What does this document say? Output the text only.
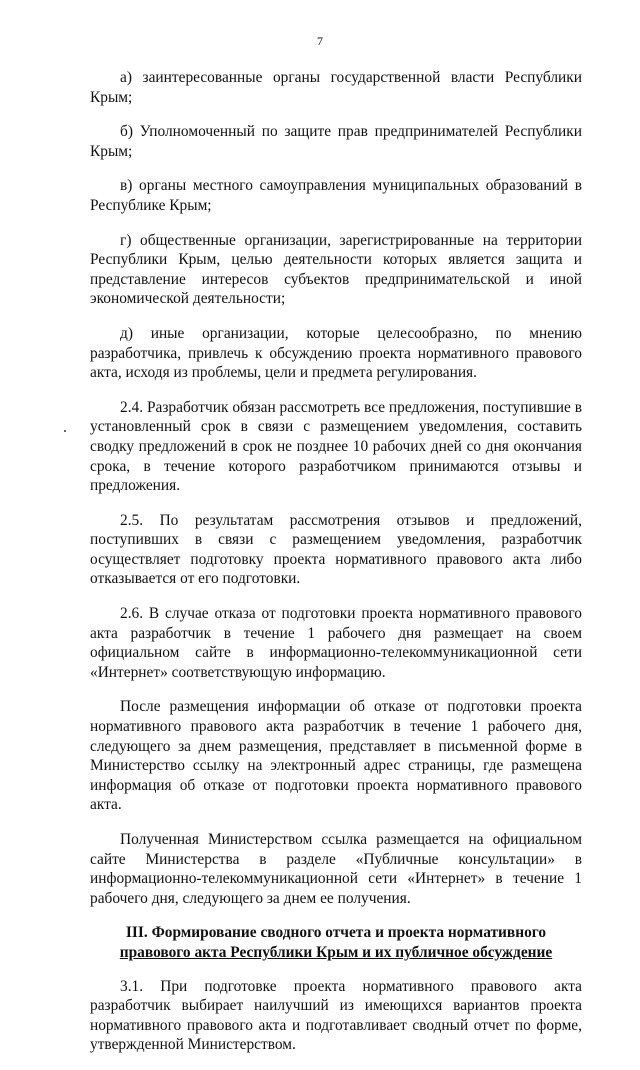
7

а) заинтересованные органы государственной власти Республики Крым;

б) Уполномоченный по защите прав предпринимателей Республики Крым;

в) органы местного самоуправления муниципальных образований в Республике Крым;

г) общественные организации, зарегистрированные на территории Республики Крым, целью деятельности которых является защита и представление интересов субъектов предпринимательской и иной экономической деятельности;

д) иные организации, которые целесообразно, по мнению разработчика, привлечь к обсуждению проекта нормативного правового акта, исходя из проблемы, цели и предмета регулирования.

2.4. Разработчик обязан рассмотреть все предложения, поступившие в установленный срок в связи с размещением уведомления, составить сводку предложений в срок не позднее 10 рабочих дней со дня окончания срока, в течение которого разработчиком принимаются отзывы и предложения.

2.5. По результатам рассмотрения отзывов и предложений, поступивших в связи с размещением уведомления, разработчик осуществляет подготовку проекта нормативного правового акта либо отказывается от его подготовки.

2.6. В случае отказа от подготовки проекта нормативного правового акта разработчик в течение 1 рабочего дня размещает на своем официальном сайте в информационно-телекоммуникационной сети «Интернет» соответствующую информацию.

После размещения информации об отказе от подготовки проекта нормативного правового акта разработчик в течение 1 рабочего дня, следующего за днем размещения, представляет в письменной форме в Министерство ссылку на электронный адрес страницы, где размещена информация об отказе от подготовки проекта нормативного правового акта.

Полученная Министерством ссылка размещается на официальном сайте Министерства в разделе «Публичные консультации» в информационно-телекоммуникационной сети «Интернет» в течение 1 рабочего дня, следующего за днем ее получения.

III. Формирование сводного отчета и проекта нормативного
правового акта Республики Крым и их публичное обсуждение

3.1. При подготовке проекта нормативного правового акта разработчик выбирает наилучший из имеющихся вариантов проекта нормативного правового акта и подготавливает сводный отчет по форме, утвержденной Министерством.
